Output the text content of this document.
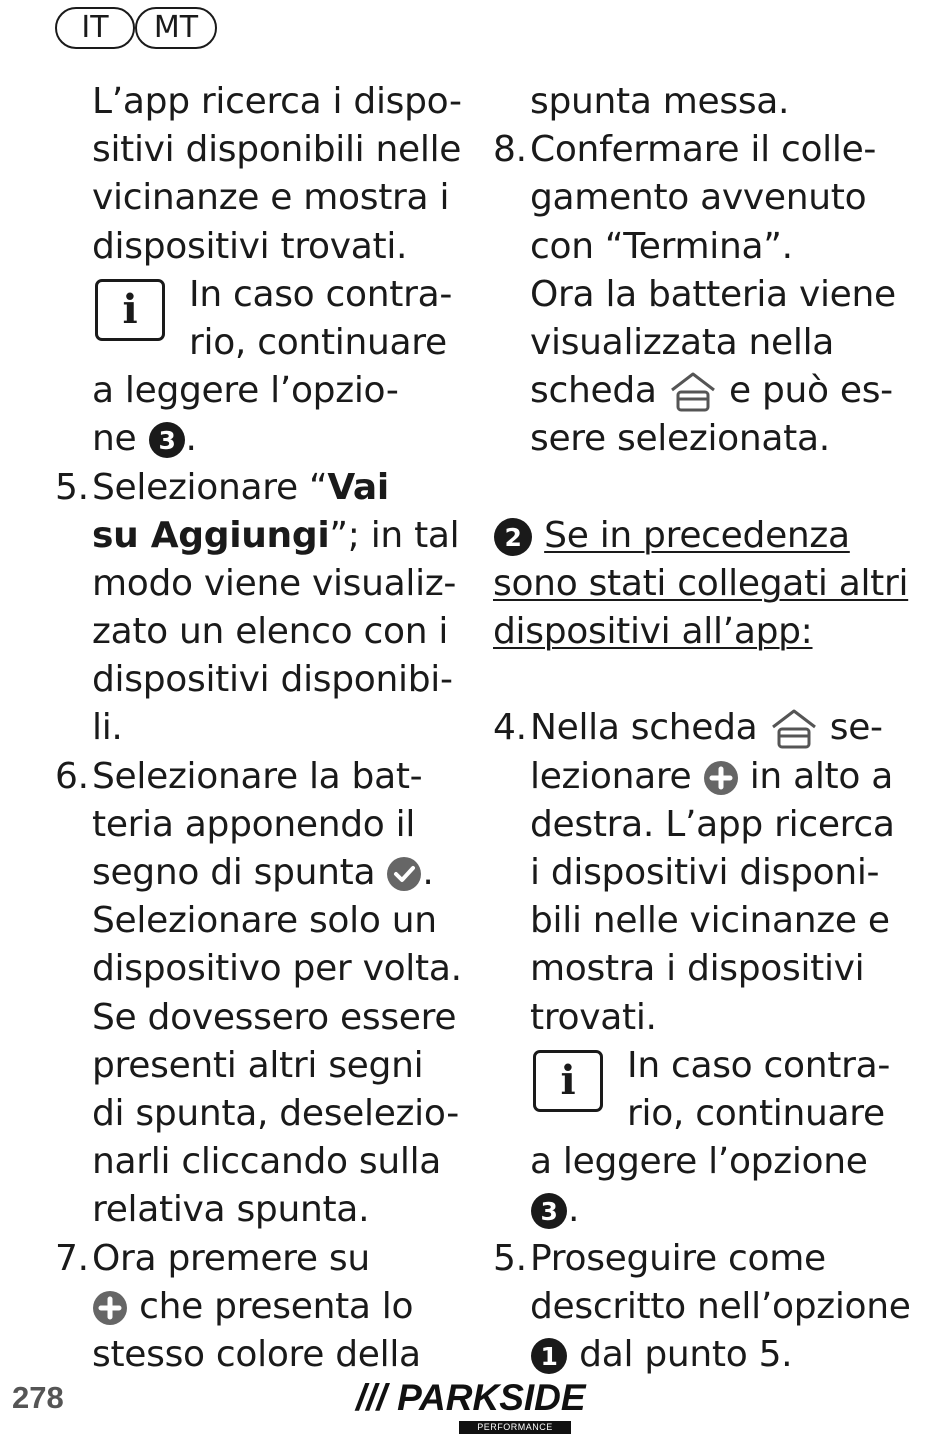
IT	MT
L’app ricerca i dispo-
sitivi disponibili nelle
vicinanze e mostra i
dispositivi trovati.
i	In caso contra-
rio, continuare
a leggere l’opzio-
ne 3 .
5.Selezionare “Vai
su Aggiungi”; in tal
modo viene visualiz-
zato un elenco con i
dispositivi disponibi-
li.
6.Selezionare la bat-
teria apponendo il
segno di spunta .
Selezionare solo un
dispositivo per volta.
Se dovessero essere
presenti altri segni
di spunta, deselezio-
narli cliccando sulla
relativa spunta.
7.Ora premere su
che presenta lo
stesso colore della
spunta messa.
8.Confermare il colle-
gamento avvenuto
con “Termina”.
Ora la batteria viene
visualizzata nella
scheda e può es-
sere selezionata.
2 Se in precedenza
sono stati collegati altri
dispositivi all’app:
4.Nella scheda se-
lezionare in alto a
destra. L’app ricerca
i dispositivi disponi-
bili nelle vicinanze e
mostra i dispositivi
trovati.
i	In caso contra-
rio, continuare
a leggere l’opzione
3 .
5.Proseguire come
descritto nell’opzione
1 dal punto 5.
278	/// PARKSIDE
PERFORMANCE
